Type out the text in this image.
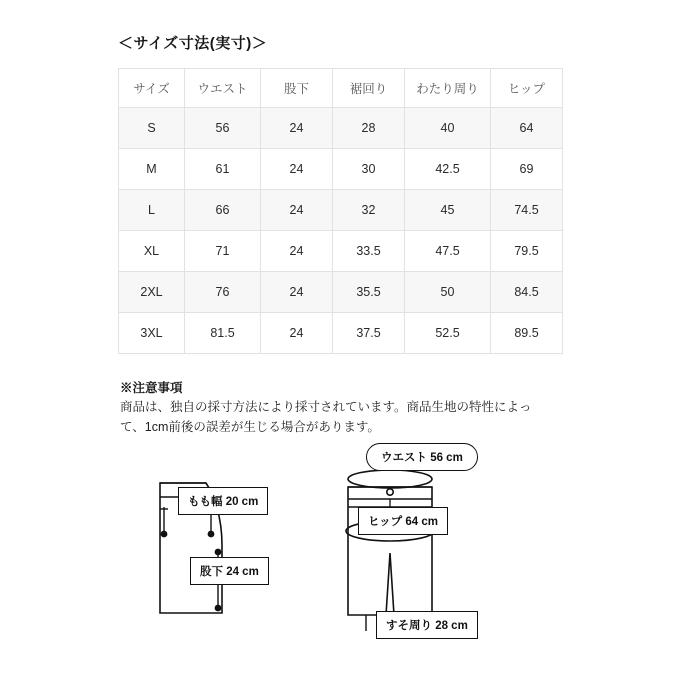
＜サイズ寸法(実寸)＞
サイズ	ウエスト	股下	裾回り	わたり周り	ヒップ
S	56	24	28	40	64
M	61	24	30	42.5	69
L	66	24	32	45	74.5
XL	71	24	33.5	47.5	79.5
2XL	76	24	35.5	50	84.5
3XL	81.5	24	37.5	52.5	89.5
※注意事項
商品は、独自の採寸方法により採寸されています。商品生地の特性によって、1cm前後の誤差が生じる場合があります。
もも幅 20 cm
股下 24 cm
ウエスト 56 cm
ヒップ 64 cm
すそ周り 28 cm
